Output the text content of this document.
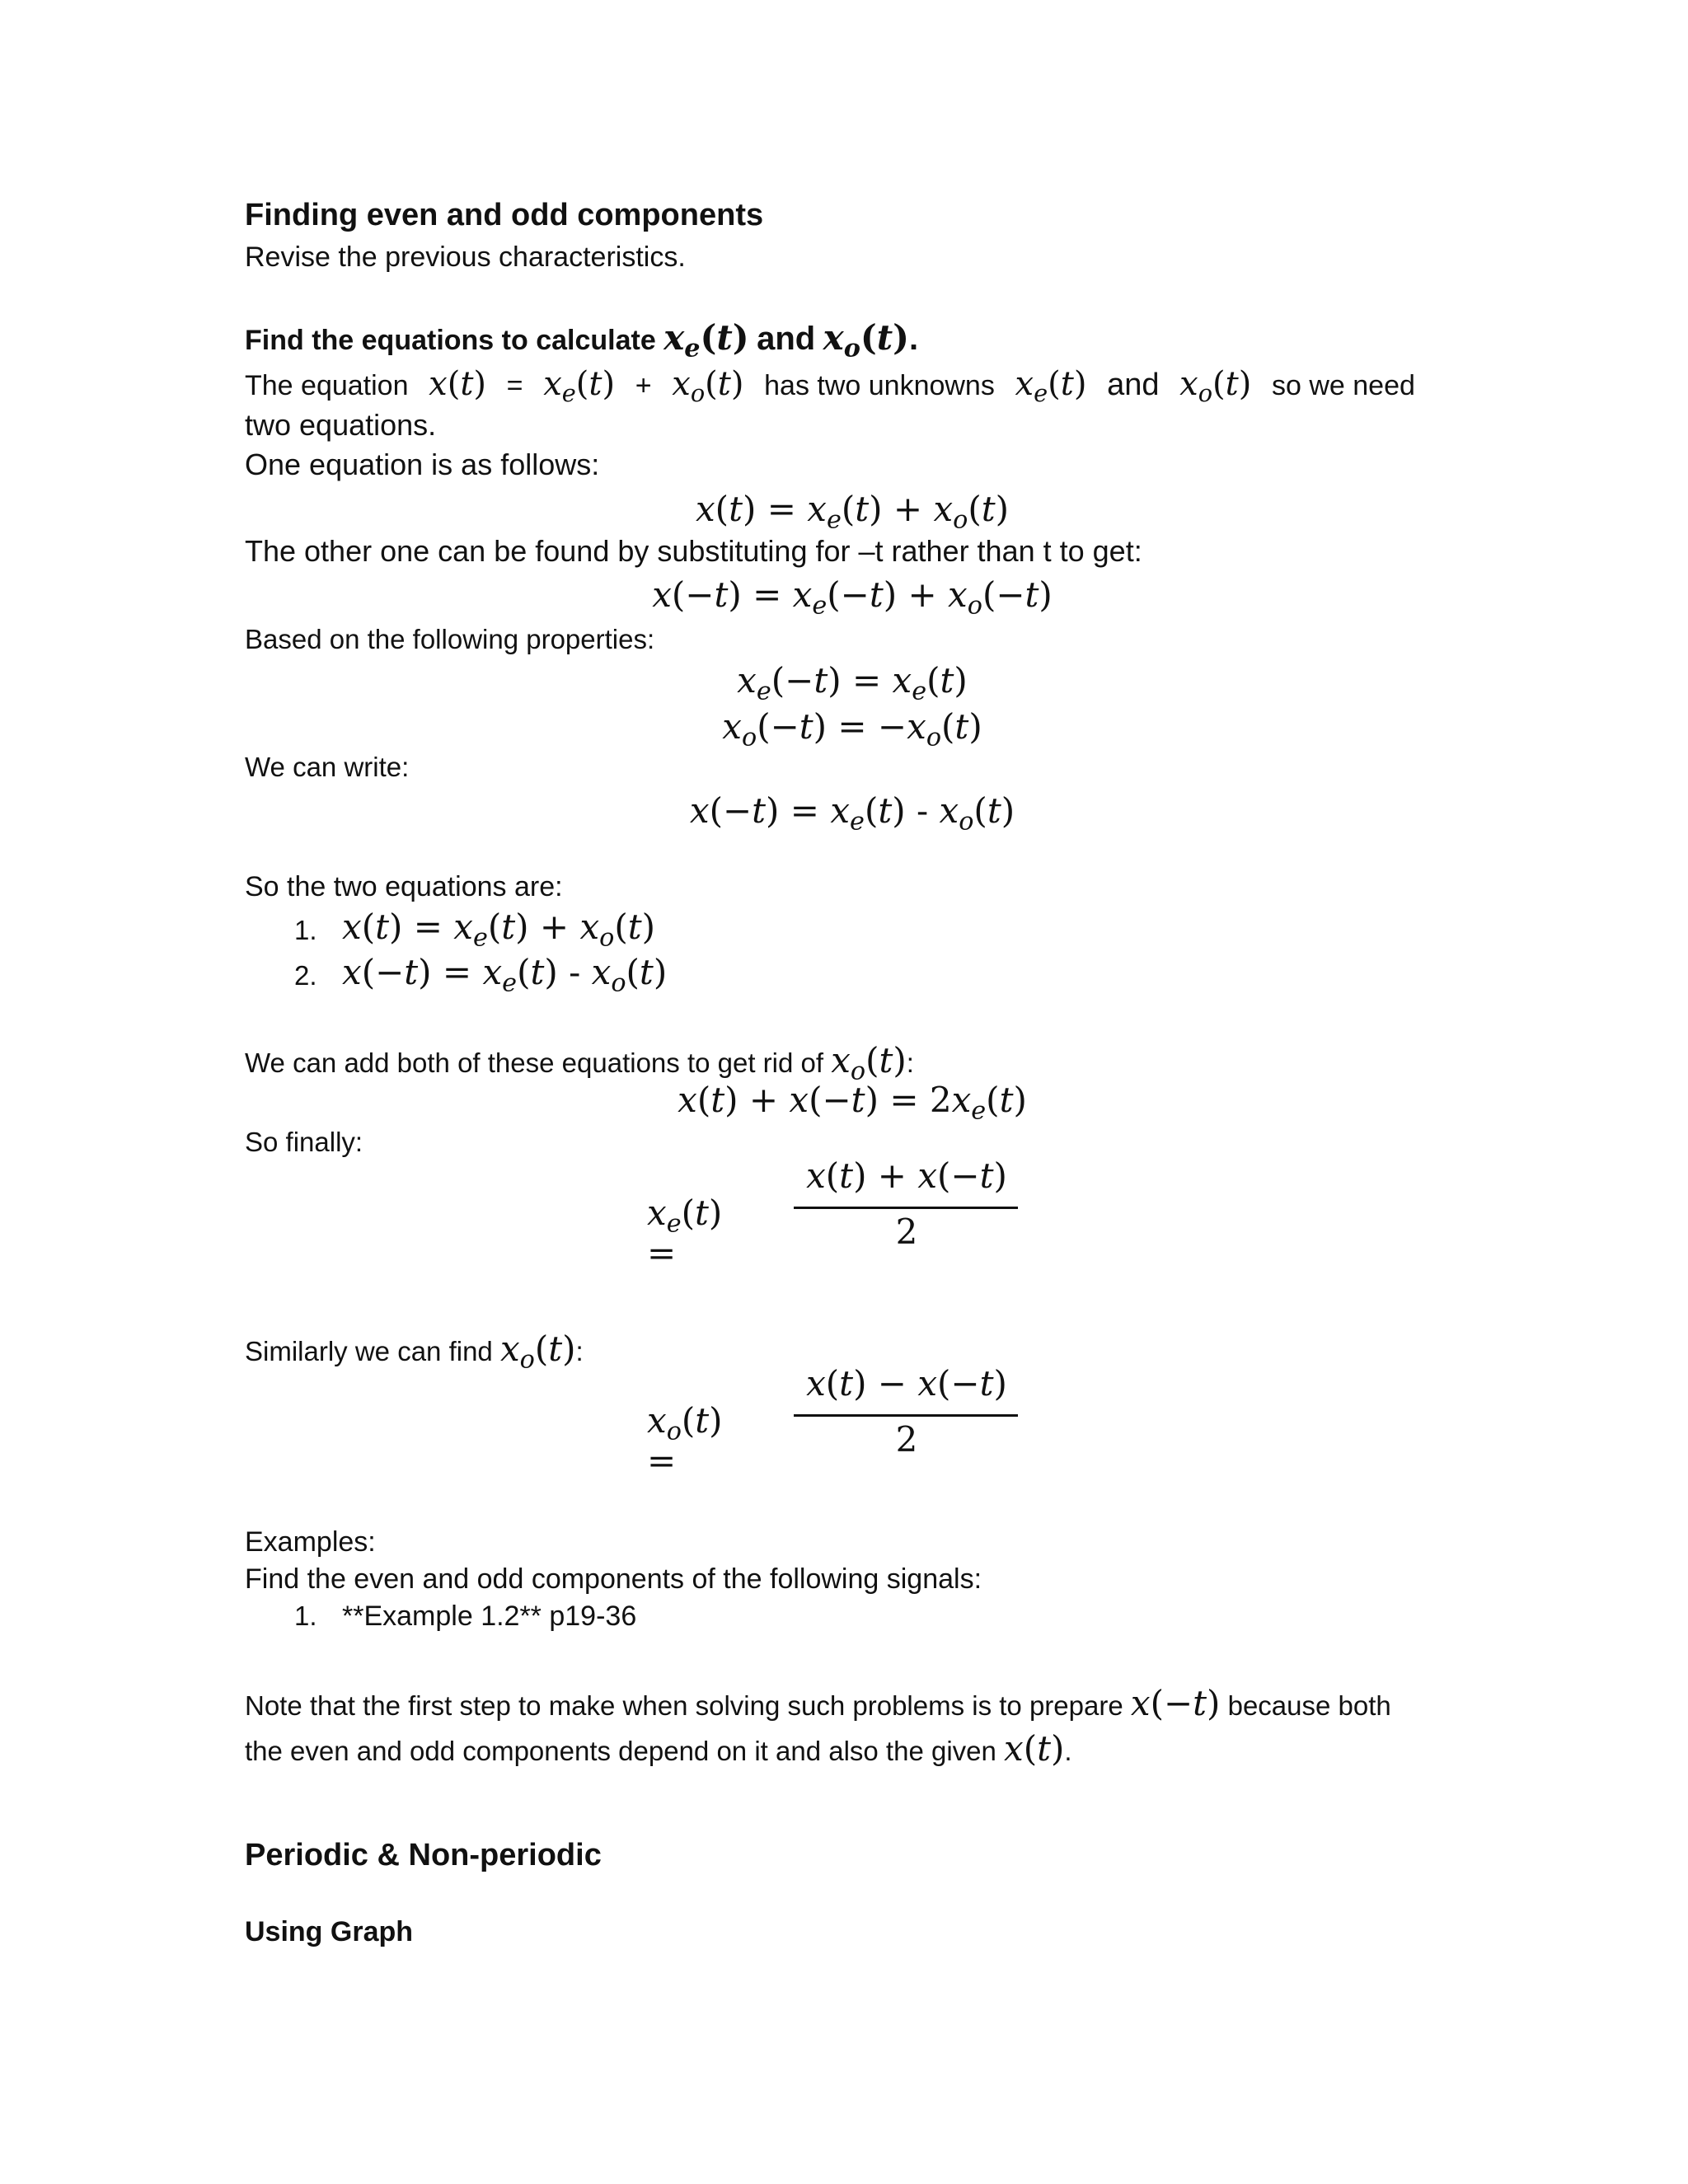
Finding even and odd components
Revise the previous characteristics.
Find the equations to calculate $x_e(t)$ and $x_o(t)$.
The equation $x(t) = x_e(t) + x_o(t)$ has two unknowns $x_e(t)$ and $x_o(t)$ so we need
two equations.
One equation is as follows:
$x(t) = x_e(t) + x_o(t)$
The other one can be found by substituting for –t rather than t to get:
$x(-t) = x_e(-t) + x_o(-t)$
Based on the following properties:
$x_e(-t) = x_e(t)$
$x_o(-t) = -x_o(t)$
We can write:
$x(-t) = x_e(t) - x_o(t)$
So the two equations are:
1. $x(t) = x_e(t) + x_o(t)$
2. $x(-t) = x_e(t) - x_o(t)$
We can add both of these equations to get rid of $x_o(t)$:
$x(t) + x(-t) = 2x_e(t)$
So finally:
$x_e(t)$ =
x(t) + x(−t)
2
Similarly we can find $x_o(t)$:
$x_o(t)$ =
x(t) − x(−t)
2
Examples:
Find the even and odd components of the following signals:
1. **Example 1.2** p19-36
Note that the first step to make when solving such problems is to prepare x(−t) because both
the even and odd components depend on it and also the given x(t).
Periodic & Non-periodic
Using Graph
